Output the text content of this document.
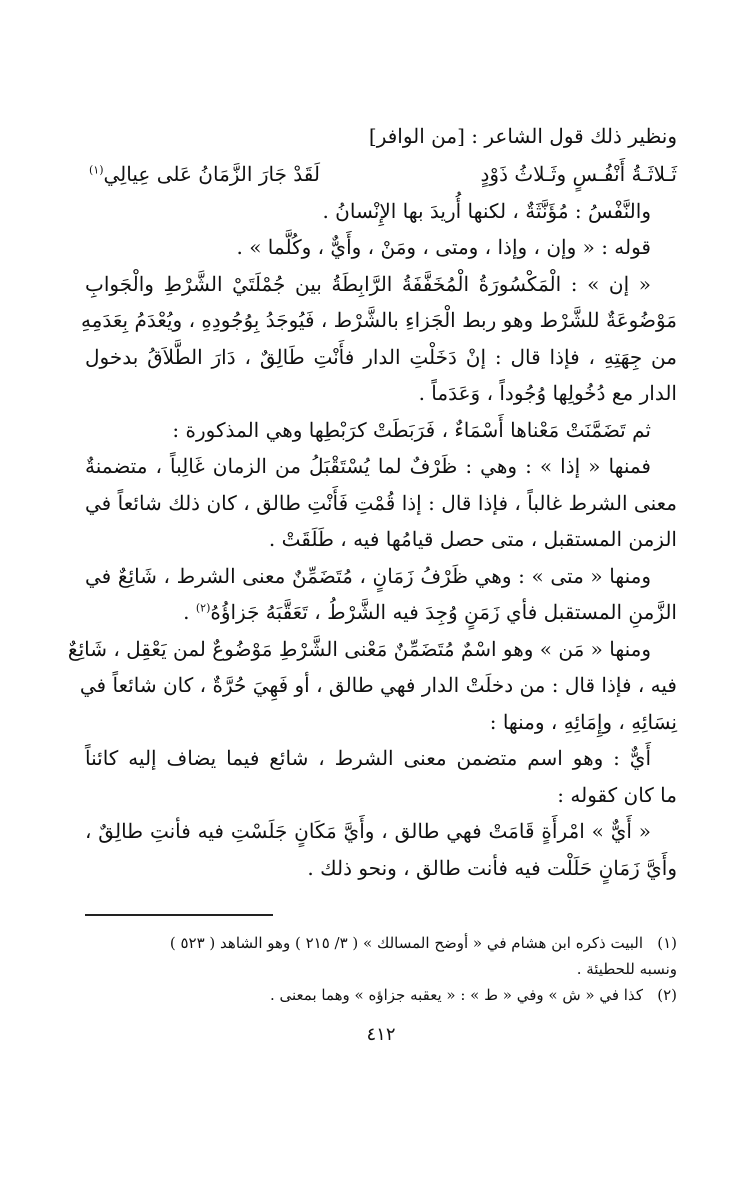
ونظير ذلك قول الشاعر : [من الوافر]
ثَـلاثَـةُ أَنْفُـسٍ وثَـلاثُ ذَوْدٍ
لَقَدْ جَارَ الزَّمَانُ عَلى عِيالِي$^{(١)}$
والنَّفْسُ : مُؤَنَّثَةٌ ، لكنها أُريدَ بها الإِنْسانُ .
قوله : « وإن ، وإذا ، ومتى ، ومَنْ ، وأَيٌّ ، وكُلَّما » .
« إن » : الْمَكْسُورَةُ الْمُخَفَّفَةُ الرَّابِطَةُ بين جُمْلَتَيْ الشَّرْطِ والْجَوابِ
مَوْضُوعَةٌ للشَّرْط وهو ربط الْجَزاءِ بالشَّرْط ، فَيُوجَدُ بِوُجُودِهِ ، ويُعْدَمُ بِعَدَمِهِ
من جِهَتِهِ ، فإذا قال : إنْ دَخَلْتِ الدار فأَنْتِ طَالِقٌ ، دَارَ الطَّلاَقُ بدخول
الدار مع دُخُولِها وُجُوداً ، وَعَدَماً .
ثم تَضَمَّنَتْ مَعْناها أَسْمَاءٌ ، فَرَبَطَتْ كرَبْطِها وهي المذكورة :
فمنها « إذا » : وهي : ظَرْفٌ لما يُسْتَقْبَلُ من الزمان غَالِباً ، متضمنةٌ
معنى الشرط غالباً ، فإذا قال : إذا قُمْتِ فَأَنْتِ طالق ، كان ذلك شائعاً في
الزمن المستقبل ، متى حصل قيامُها فيه ، طَلَقَتْ .
ومنها « متى » : وهي ظَرْفُ زَمَانٍ ، مُتَضَمِّنٌ معنى الشرط ، شَائِعٌ في
الزَّمنِ المستقبل فأي زَمَنٍ وُجِدَ فيه الشَّرْطُ ، تَعَقَّبَهُ جَزاؤُهُ$^{(٢)}$ .
ومنها « مَن » وهو اسْمٌ مُتَضَمِّنٌ مَعْنى الشَّرْطِ مَوْضُوعٌ لمن يَعْقِل ، شَائِعٌ
فيه ، فإذا قال : من دخلَتْ الدار فهي طالق ، أو فَهِيَ حُرَّةٌ ، كان شائعاً في
نِسَائِهِ ، وإِمَائِهِ ، ومنها :
أَيٌّ : وهو اسم متضمن معنى الشرط ، شائع فيما يضاف إليه كائناً
ما كان كقوله :
« أَيٌّ » امْرأَةٍ قَامَتْ فهي طالق ، وأَيَّ مَكَانٍ جَلَسْتِ فيه فأنتِ طالِقٌ ،
وأَيَّ زَمَانٍ حَلَلْت فيه فأنت طالق ، ونحو ذلك .
(١)
البيت ذكره ابن هشام في « أوضح المسالك » ( ٣/ ٢١٥ ) وهو الشاهد ( ٥٢٣ )
ونسبه للحطيئة .
(٢)
كذا في « ش » وفي « ط » : « يعقبه جزاؤه » وهما بمعنى .
٤١٢
